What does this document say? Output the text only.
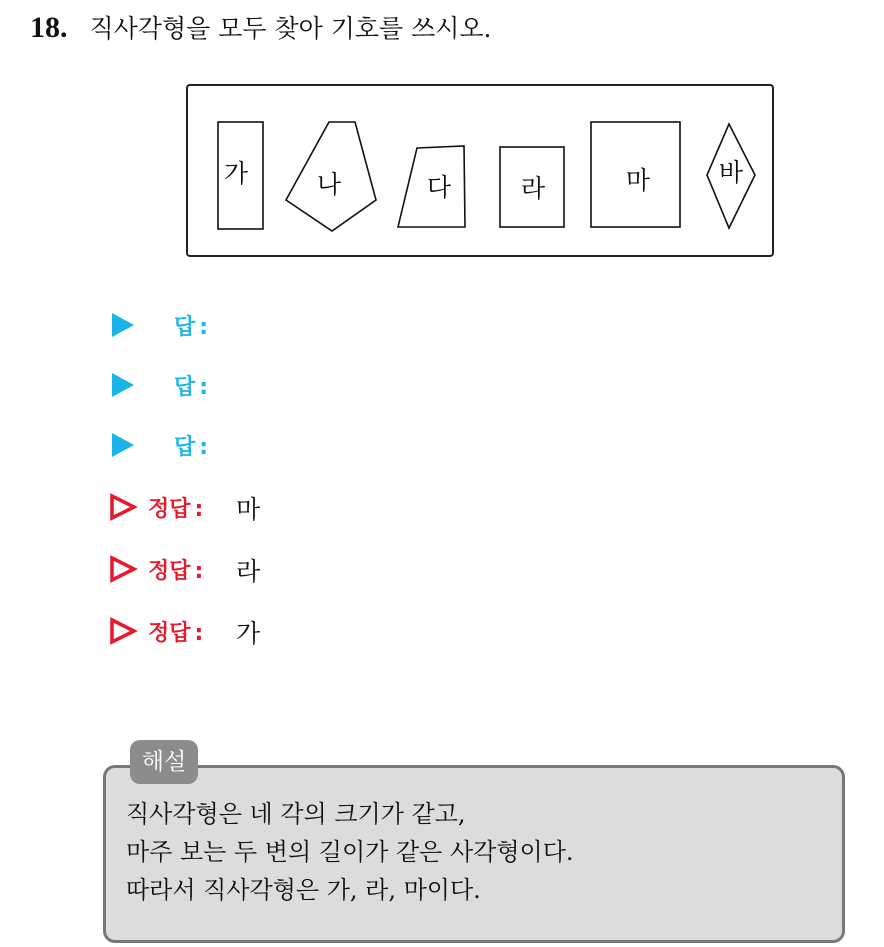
18. 직사각형을 모두 찾아 기호를 쓰시오.
가	나	다	라	마	바
답 :
답 :
답 :
정답 : 마
정답 : 라
정답 : 가
해설
직사각형은 네 각의 크기가 같고,
마주 보는 두 변의 길이가 같은 사각형이다.
따라서 직사각형은 가, 라, 마이다.
